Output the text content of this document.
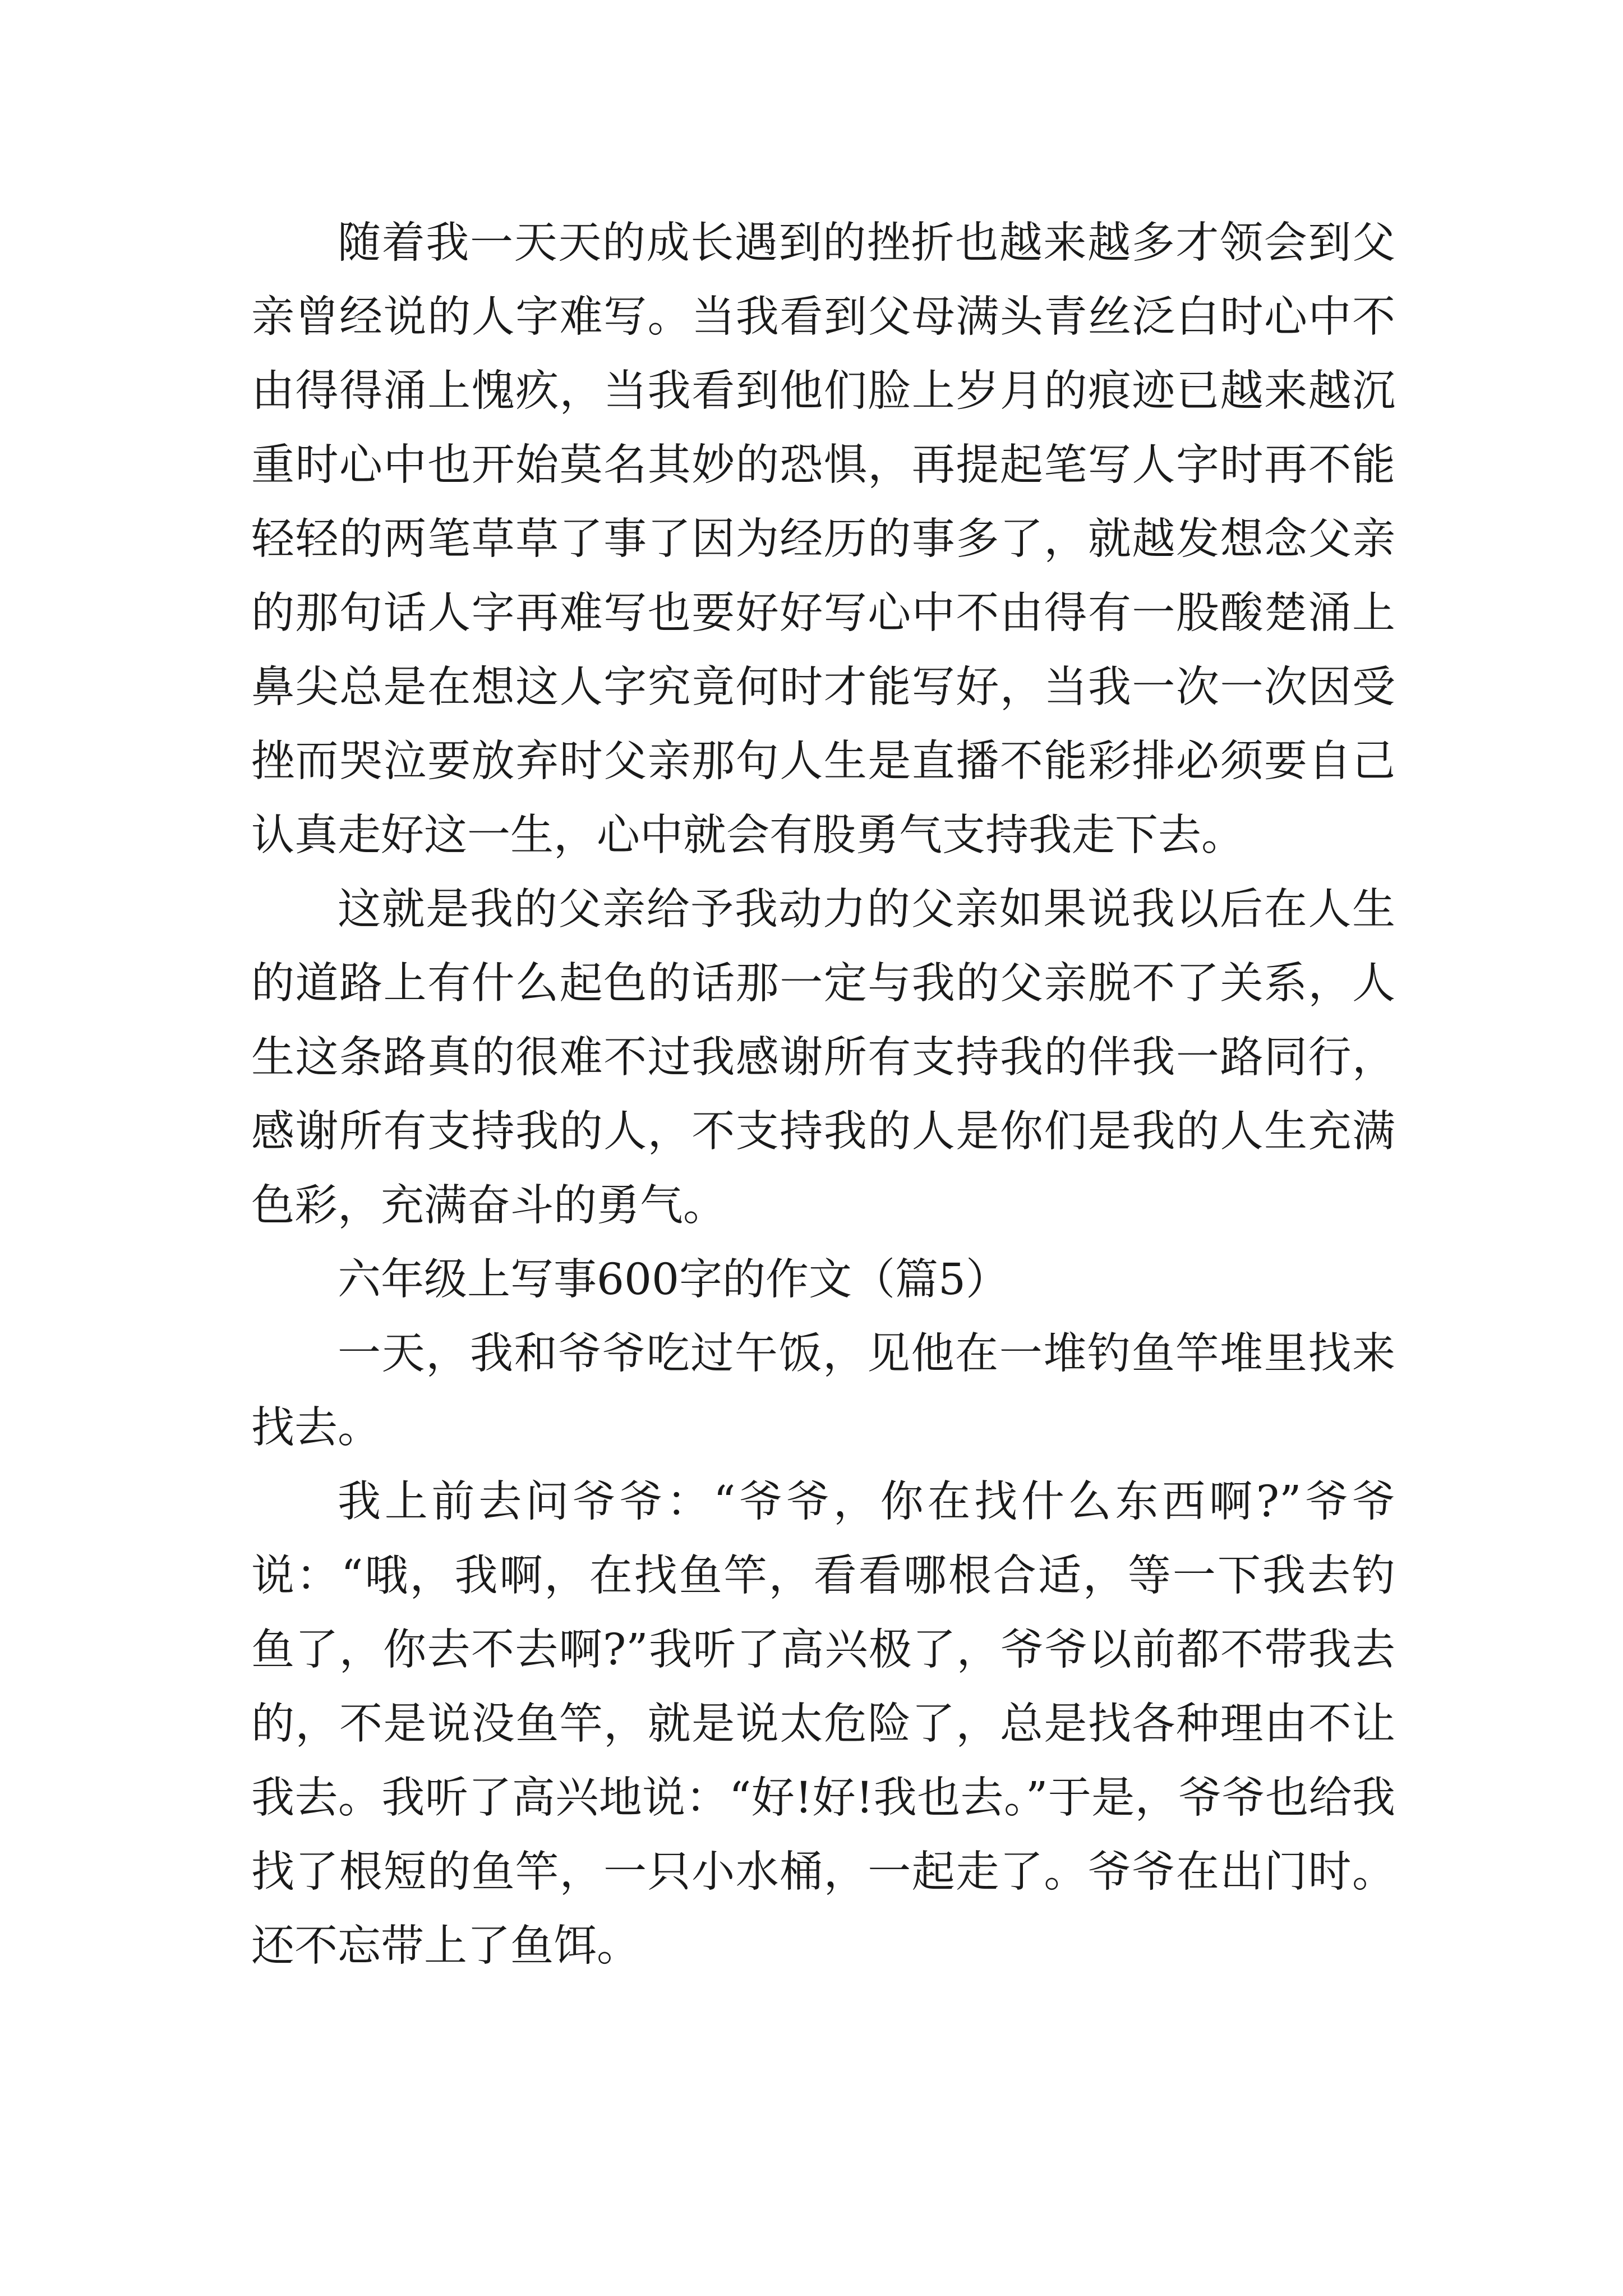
随着我一天天的成长遇到的挫折也越来越多才领会到父亲曾经说的人字难写。当我看到父母满头青丝泛白时心中不由得得涌上愧疚，当我看到他们脸上岁月的痕迹已越来越沉重时心中也开始莫名其妙的恐惧，再提起笔写人字时再不能轻轻的两笔草草了事了因为经历的事多了，就越发想念父亲的那句话人字再难写也要好好写心中不由得有一股酸楚涌上鼻尖总是在想这人字究竟何时才能写好，当我一次一次因受挫而哭泣要放弃时父亲那句人生是直播不能彩排必须要自己认真走好这一生，心中就会有股勇气支持我走下去。

这就是我的父亲给予我动力的父亲如果说我以后在人生的道路上有什么起色的话那一定与我的父亲脱不了关系，人生这条路真的很难不过我感谢所有支持我的伴我一路同行，感谢所有支持我的人，不支持我的人是你们是我的人生充满色彩，充满奋斗的勇气。

六年级上写事600字的作文（篇5）

一天，我和爷爷吃过午饭，见他在一堆钓鱼竿堆里找来找去。

我上前去问爷爷：“爷爷，你在找什么东西啊?”爷爷说：“哦，我啊，在找鱼竿，看看哪根合适，等一下我去钓鱼了，你去不去啊?”我听了高兴极了，爷爷以前都不带我去的，不是说没鱼竿，就是说太危险了，总是找各种理由不让我去。我听了高兴地说：“好!好!我也去。”于是，爷爷也给我找了根短的鱼竿，一只小水桶，一起走了。爷爷在出门时。还不忘带上了鱼饵。
